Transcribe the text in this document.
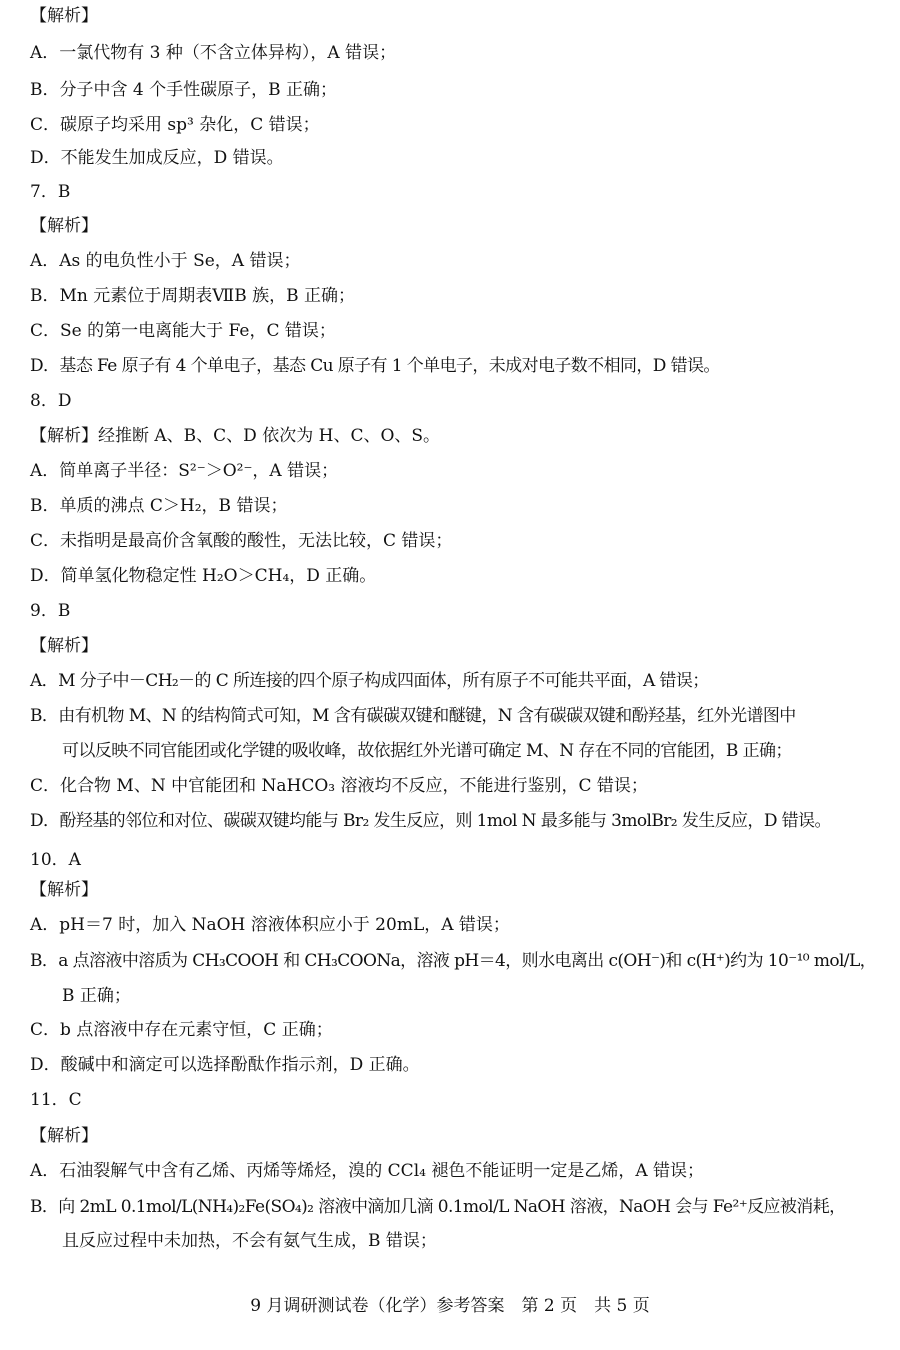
【解析】
A．一氯代物有 3 种（不含立体异构），A 错误；
B．分子中含 4 个手性碳原子，B 正确；
C．碳原子均采用 sp³ 杂化，C 错误；
D．不能发生加成反应，D 错误。
7．B
【解析】
A．As 的电负性小于 Se，A 错误；
B．Mn 元素位于周期表ⅦB 族，B 正确；
C．Se 的第一电离能大于 Fe，C 错误；
D．基态 Fe 原子有 4 个单电子，基态 Cu 原子有 1 个单电子，未成对电子数不相同，D 错误。
8．D
【解析】经推断 A、B、C、D 依次为 H、C、O、S。
A．简单离子半径：S²⁻＞O²⁻，A 错误；
B．单质的沸点 C＞H₂，B 错误；
C．未指明是最高价含氧酸的酸性，无法比较，C 错误；
D．简单氢化物稳定性 H₂O＞CH₄，D 正确。
9．B
【解析】
A．M 分子中－CH₂－的 C 所连接的四个原子构成四面体，所有原子不可能共平面，A 错误；
B．由有机物 M、N 的结构简式可知，M 含有碳碳双键和醚键，N 含有碳碳双键和酚羟基，红外光谱图中
可以反映不同官能团或化学键的吸收峰，故依据红外光谱可确定 M、N 存在不同的官能团，B 正确；
C．化合物 M、N 中官能团和 NaHCO₃ 溶液均不反应，不能进行鉴别，C 错误；
D．酚羟基的邻位和对位、碳碳双键均能与 Br₂ 发生反应，则 1mol N 最多能与 3molBr₂ 发生反应，D 错误。
10．A
【解析】
A．pH＝7 时，加入 NaOH 溶液体积应小于 20mL，A 错误；
B．a 点溶液中溶质为 CH₃COOH 和 CH₃COONa，溶液 pH＝4，则水电离出 c(OH⁻)和 c(H⁺)约为 10⁻¹⁰ mol/L，
B 正确；
C．b 点溶液中存在元素守恒，C 正确；
D．酸碱中和滴定可以选择酚酞作指示剂，D 正确。
11．C
【解析】
A．石油裂解气中含有乙烯、丙烯等烯烃，溴的 CCl₄ 褪色不能证明一定是乙烯，A 错误；
B．向 2mL 0.1mol/L(NH₄)₂Fe(SO₄)₂ 溶液中滴加几滴 0.1mol/L NaOH 溶液，NaOH 会与 Fe²⁺反应被消耗，
且反应过程中未加热，不会有氨气生成，B 错误；
9 月调研测试卷（化学）参考答案　第 2 页　共 5 页
